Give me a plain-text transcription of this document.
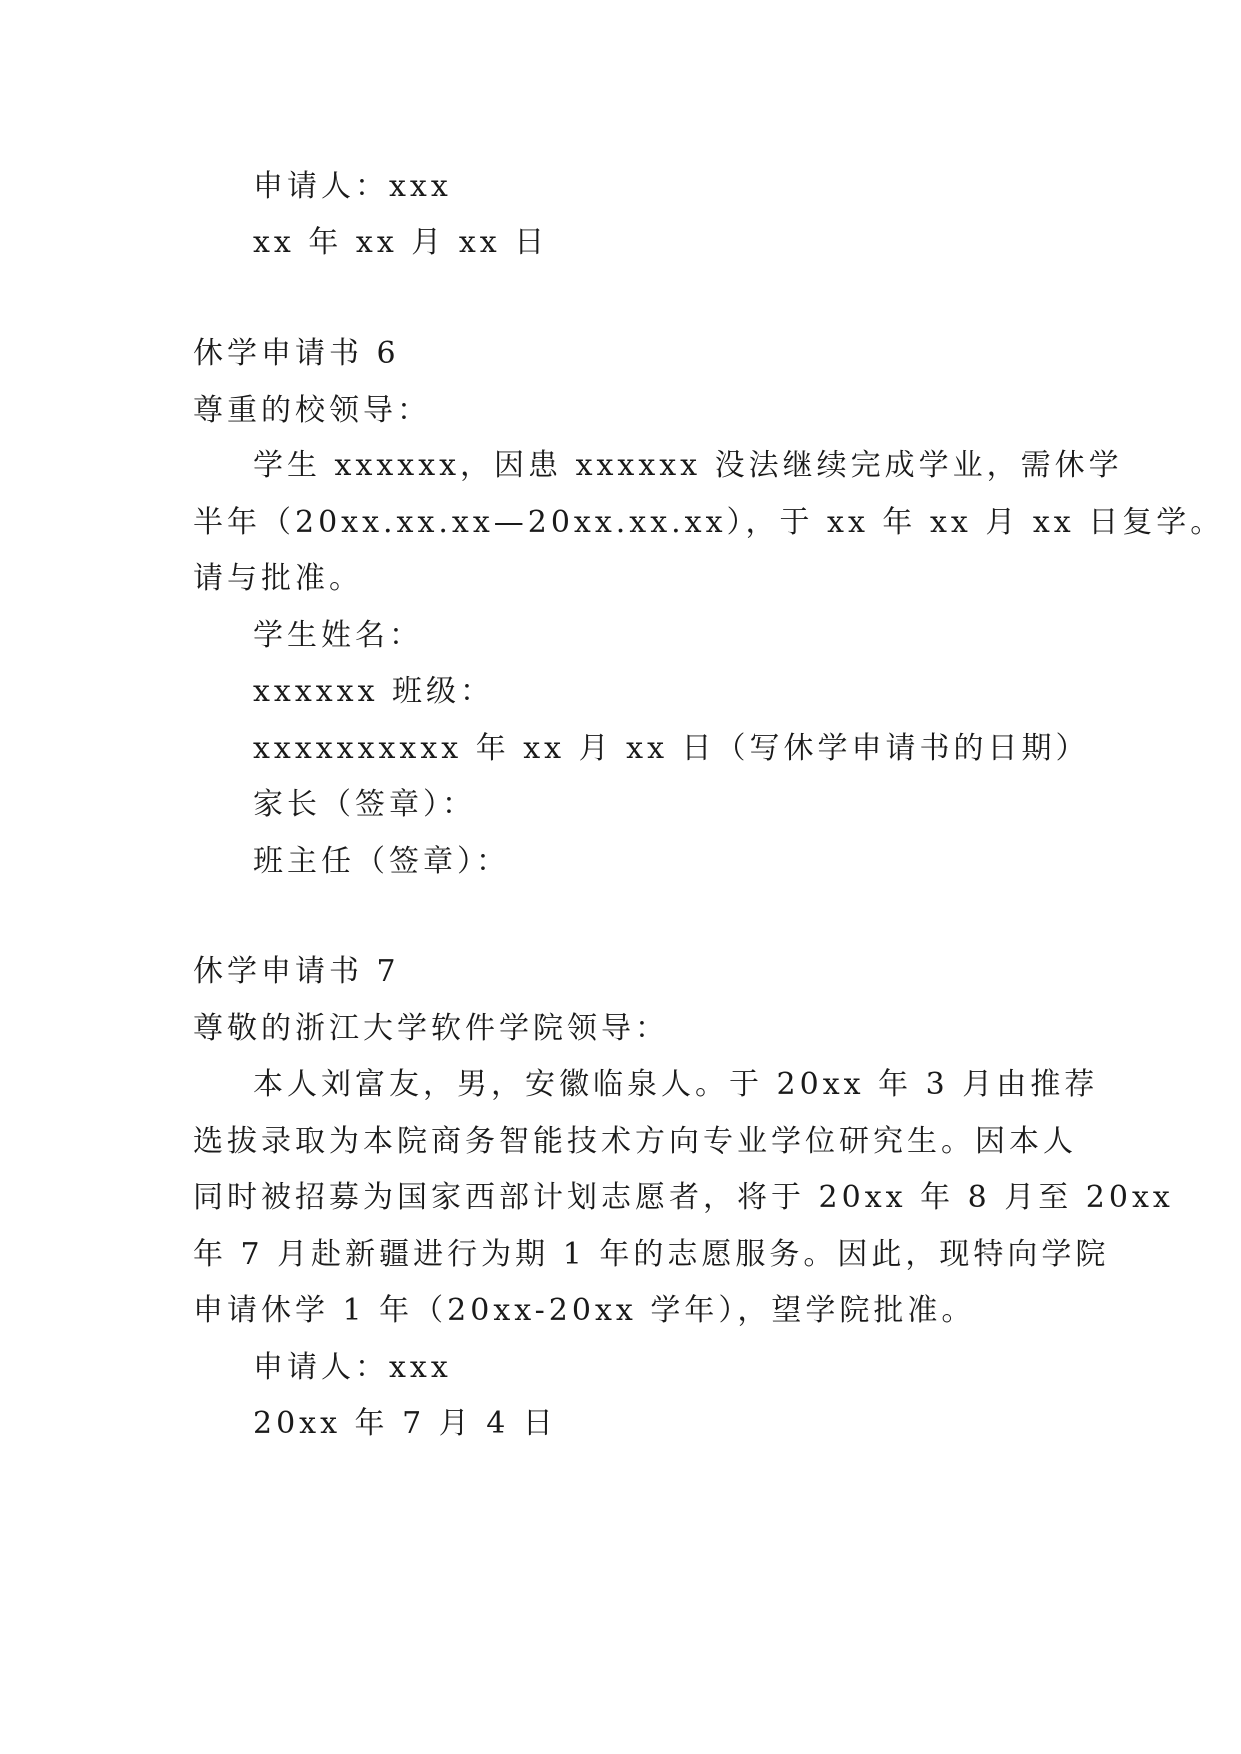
申请人：xxx
xx 年 xx 月 xx 日
休学申请书 6
尊重的校领导：
学生 xxxxxx，因患 xxxxxx 没法继续完成学业，需休学
半年（20xx.xx.xx—20xx.xx.xx），于 xx 年 xx 月 xx 日复学。
请与批准。
学生姓名：
xxxxxx 班级：
xxxxxxxxxx 年 xx 月 xx 日（写休学申请书的日期）
家长（签章）：
班主任（签章）：
休学申请书 7
尊敬的浙江大学软件学院领导：
本人刘富友，男，安徽临泉人。于 20xx 年 3 月由推荐
选拔录取为本院商务智能技术方向专业学位研究生。因本人
同时被招募为国家西部计划志愿者，将于 20xx 年 8 月至 20xx
年 7 月赴新疆进行为期 1 年的志愿服务。因此，现特向学院
申请休学 1 年（20xx-20xx 学年），望学院批准。
申请人：xxx
20xx 年 7 月 4 日
